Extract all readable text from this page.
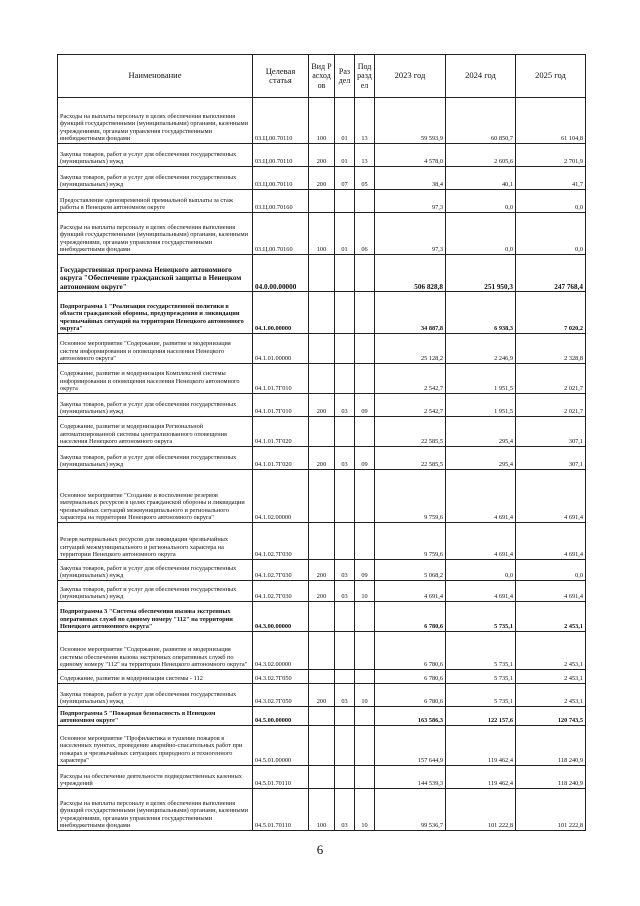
Наименование	Целевая статья	Вид Расходов	Раздел	Подраздел	2023 год	2024 год	2025 год
Расходы на выплаты персоналу в целях обеспечения выполнения функций государственными (муниципальными) органами, казенными учреждениями, органами управления государственными внебюджетными фондами	03.Ц.00.70110	100	01	13	59 593,9	60 850,7	61 104,8
Закупка товаров, работ и услуг для обеспечения государственных (муниципальных) нужд	03.Ц.00.70110	200	01	13	4 578,0	2 605,6	2 701,9
Закупка товаров, работ и услуг для обеспечения государственных (муниципальных) нужд	03.Ц.00.70110	200	07	05	38,4	40,1	41,7
Предоставление единовременной премиальной выплаты за стаж работы в Ненецком автономном округе	03.Ц.00.70160				97,3	0,0	0,0
Расходы на выплаты персоналу в целях обеспечения выполнения функций государственными (муниципальными) органами, казенными учреждениями, органами управления государственными внебюджетными фондами	03.Ц.00.70160	100	01	06	97,3	0,0	0,0
Государственная программа Ненецкого автономного округа "Обеспечение гражданской защиты в Ненецком автономном округе"	04.0.00.00000				506 828,8	251 950,3	247 768,4
Подпрограмма 1 "Реализация государственной политики в области гражданской обороны, предупреждения и ликвидации чрезвычайных ситуаций на территории Ненецкого автономного округа"	04.1.00.00000				34 887,8	6 938,3	7 020,2
Основное мероприятие "Содержание, развитие и модернизация систем информирования и оповещения населения Ненецкого автономного округа"	04.1.01.00000				25 128,2	2 246,9	2 328,8
Содержание, развитие и модернизация Комплексной системы информирования и оповещения населения Ненецкого автономного округа	04.1.01.7Г010				2 542,7	1 951,5	2 021,7
Закупка товаров, работ и услуг для обеспечения государственных (муниципальных) нужд	04.1.01.7Г010	200	03	09	2 542,7	1 951,5	2 021,7
Содержание, развитие и модернизация Региональной автоматизированной системы централизованного оповещения населения Ненецкого автономного округа	04.1.01.7Г020				22 585,5	295,4	307,1
Закупка товаров, работ и услуг для обеспечения государственных (муниципальных) нужд	04.1.01.7Г020	200	03	09	22 585,5	295,4	307,1
Основное мероприятие "Создание и восполнение резервов материальных ресурсов в целях гражданской обороны и ликвидации чрезвычайных ситуаций межмуниципального и регионального характера на территории Ненецкого автономного округа"	04.1.02.00000				9 759,6	4 691,4	4 691,4
Резерв материальных ресурсов для ликвидации чрезвычайных ситуаций межмуниципального и регионального характера на территории Ненецкого автономного округа	04.1.02.7Г030				9 759,6	4 691,4	4 691,4
Закупка товаров, работ и услуг для обеспечения государственных (муниципальных) нужд	04.1.02.7Г030	200	03	09	5 068,2	0,0	0,0
Закупка товаров, работ и услуг для обеспечения государственных (муниципальных) нужд	04.1.02.7Г030	200	03	10	4 691,4	4 691,4	4 691,4
Подпрограмма 3 "Система обеспечения вызова экстренных оперативных служб по единому номеру "112" на территории Ненецкого автономного округа"	04.3.00.00000				6 780,6	5 735,1	2 453,1
Основное мероприятие "Содержание, развитие и модернизация системы обеспечения вызова экстренных оперативных служб по единому номеру "112" на территории Ненецкого автономного округа"	04.3.02.00000				6 780,6	5 735,1	2 453,1
Содержание, развитие и модернизация системы - 112	04.3.02.7Г050				6 780,6	5 735,1	2 453,1
Закупка товаров, работ и услуг для обеспечения государственных (муниципальных) нужд	04.3.02.7Г050	200	03	10	6 780,6	5 735,1	2 453,1
Подпрограмма 5 "Пожарная безопасность в Ненецком автономном округе"	04.5.00.00000				163 586,3	122 157,6	120 743,5
Основное мероприятие "Профилактика и тушение пожаров в населенных пунктах, проведение аварийно-спасательных работ при пожарах и чрезвычайных ситуациях природного и техногенного характера"	04.5.01.00000				157 644,9	119 462,4	118 240,9
Расходы на обеспечение деятельности подведомственных казенных учреждений	04.5.01.70110				144 539,3	119 462,4	118 240,9
Расходы на выплаты персоналу в целях обеспечения выполнения функций государственными (муниципальными) органами, казенными учреждениями, органами управления государственными внебюджетными фондами	04.5.01.70110	100	03	10	99 536,7	101 222,8	101 222,8
6
